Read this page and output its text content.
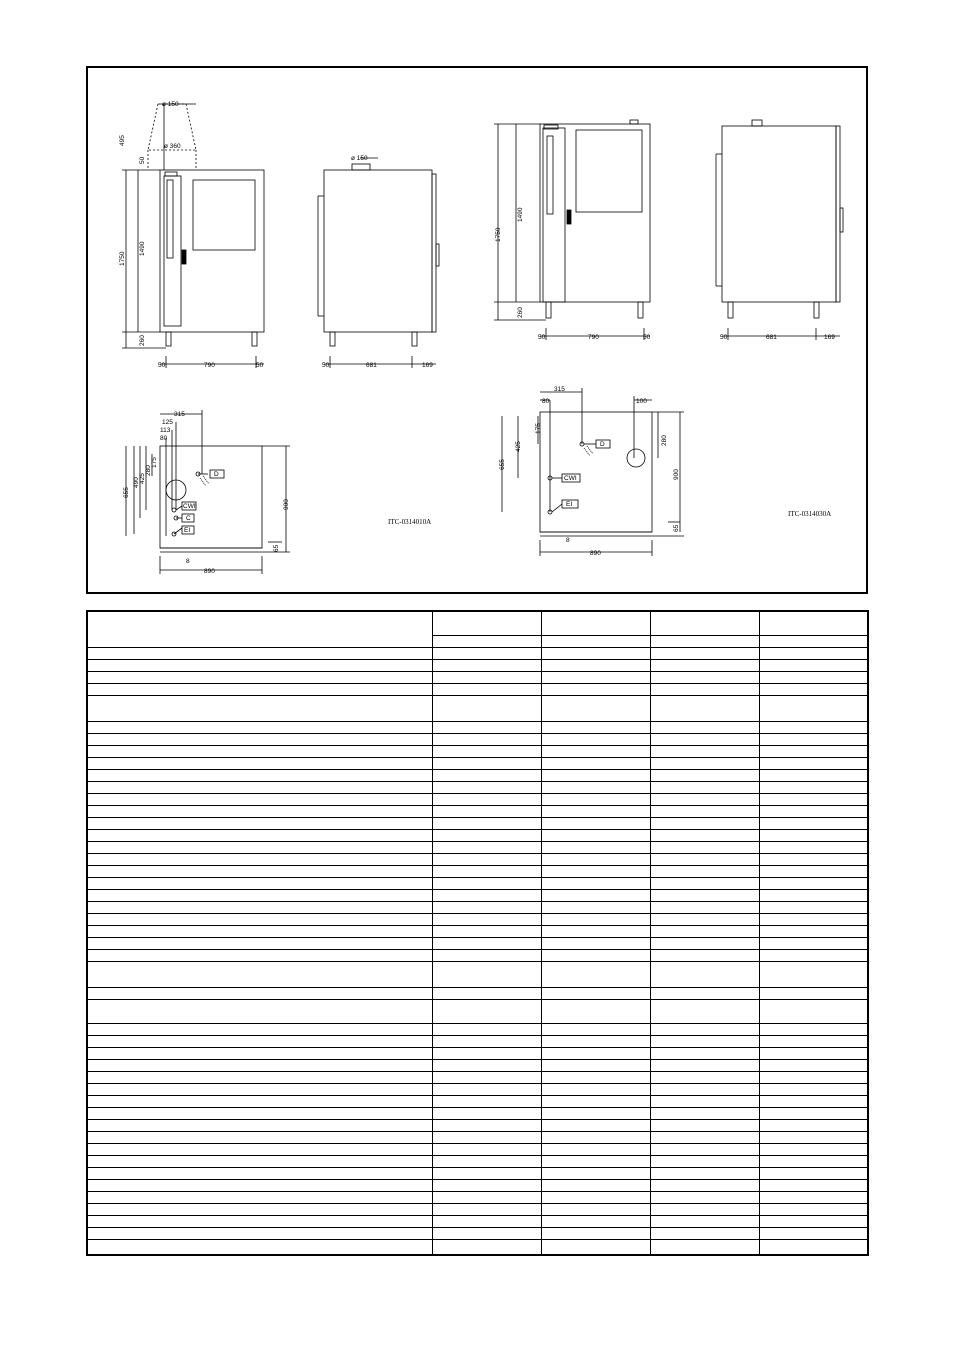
ø 150
ø 360
495
50
1750
1490
260
50	790	50
ø 150
50	681	169
315
125
113
80
175
280
425
490
655
900
65
890
8
D
CWI
C
EI
ITC-0314010A
1750
1490
260
50	790	50	50	681	169
315
80
175
425
655
100
280
900
65
890
8
D
CWI
EI
ITC-0314030A
